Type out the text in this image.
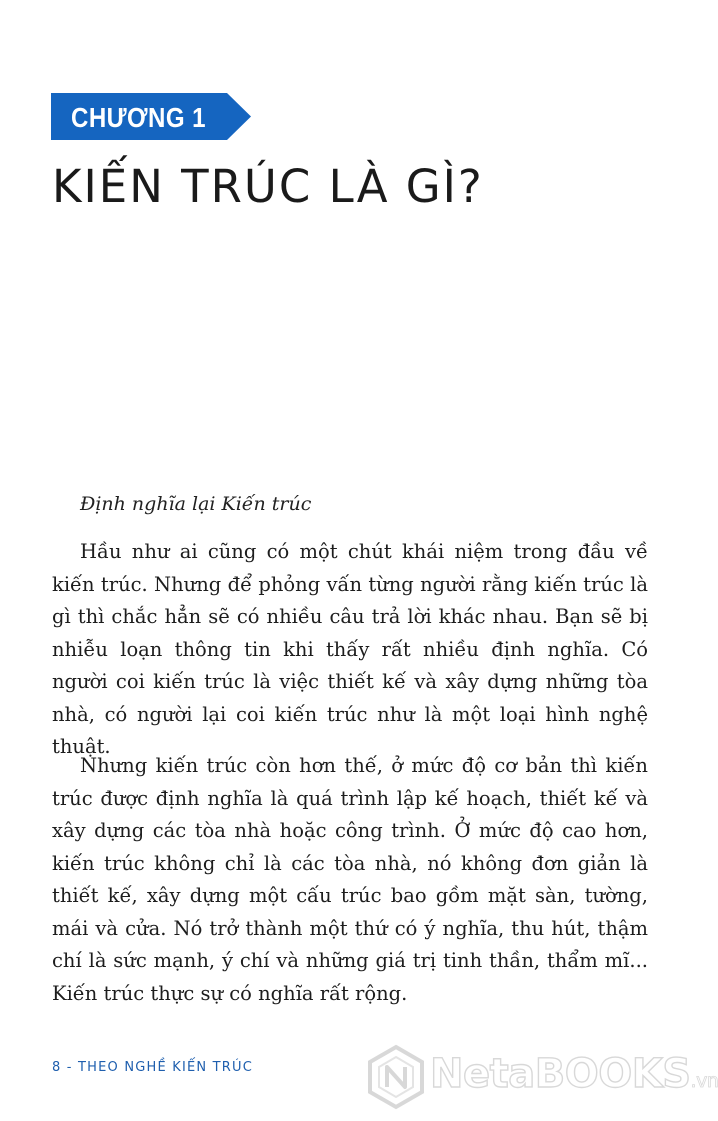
CHƯƠNG 1
KIẾN TRÚC LÀ GÌ?
Định nghĩa lại Kiến trúc

Hầu như ai cũng có một chút khái niệm trong đầu về kiến trúc. Nhưng để phỏng vấn từng người rằng kiến trúc là gì thì chắc hẳn sẽ có nhiều câu trả lời khác nhau. Bạn sẽ bị nhiễu loạn thông tin khi thấy rất nhiều định nghĩa. Có người coi kiến trúc là việc thiết kế và xây dựng những tòa nhà, có người lại coi kiến trúc như là một loại hình nghệ thuật.

Nhưng kiến trúc còn hơn thế, ở mức độ cơ bản thì kiến trúc được định nghĩa là quá trình lập kế hoạch, thiết kế và xây dựng các tòa nhà hoặc công trình. Ở mức độ cao hơn, kiến trúc không chỉ là các tòa nhà, nó không đơn giản là thiết kế, xây dựng một cấu trúc bao gồm mặt sàn, tường, mái và cửa. Nó trở thành một thứ có ý nghĩa, thu hút, thậm chí là sức mạnh, ý chí và những giá trị tinh thần, thẩm mĩ... Kiến trúc thực sự có nghĩa rất rộng.

8 - THEO NGHỀ KIẾN TRÚC	NetaBOOKS.vn
